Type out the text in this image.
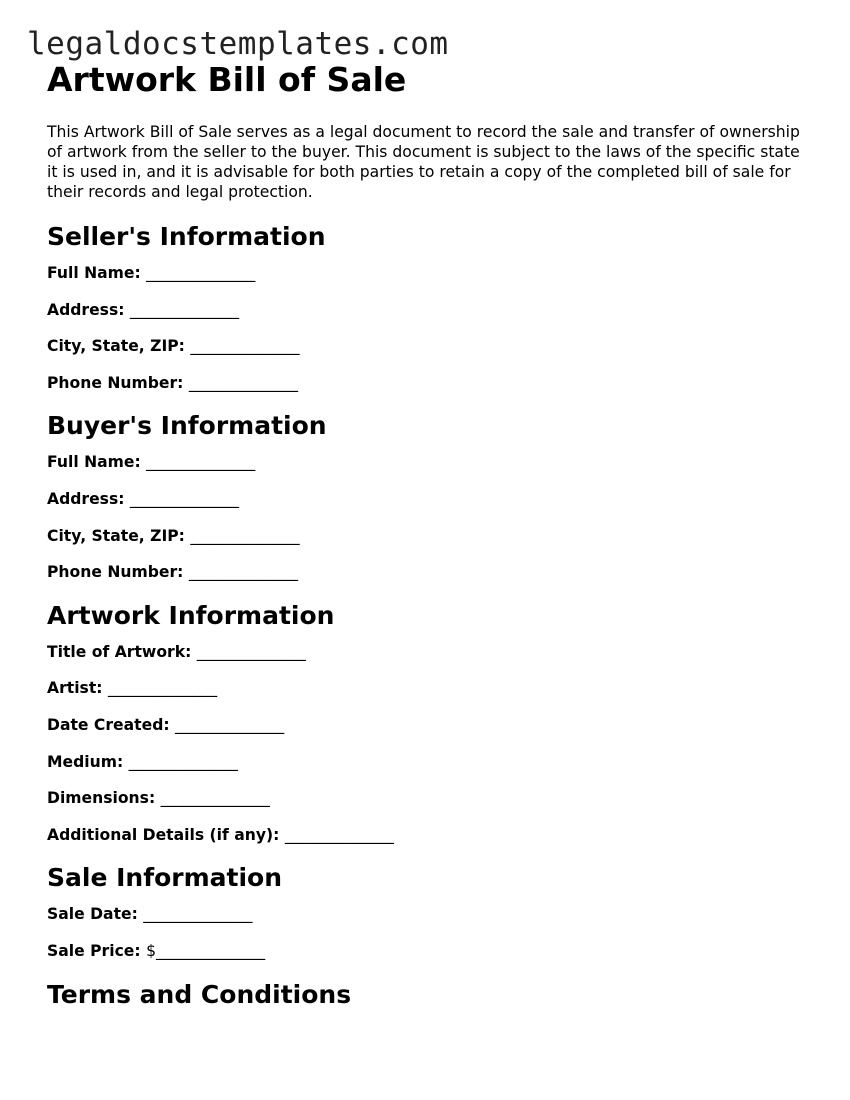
legaldocstemplates.com
Artwork Bill of Sale

This Artwork Bill of Sale serves as a legal document to record the sale and transfer of ownership of artwork from the seller to the buyer. This document is subject to the laws of the specific state it is used in, and it is advisable for both parties to retain a copy of the completed bill of sale for their records and legal protection.

Seller's Information
Full Name: ______________
Address: ______________
City, State, ZIP: ______________
Phone Number: ______________
Buyer's Information
Full Name: ______________
Address: ______________
City, State, ZIP: ______________
Phone Number: ______________
Artwork Information
Title of Artwork: ______________
Artist: ______________
Date Created: ______________
Medium: ______________
Dimensions: ______________
Additional Details (if any): ______________
Sale Information
Sale Date: ______________
Sale Price: $______________
Terms and Conditions
